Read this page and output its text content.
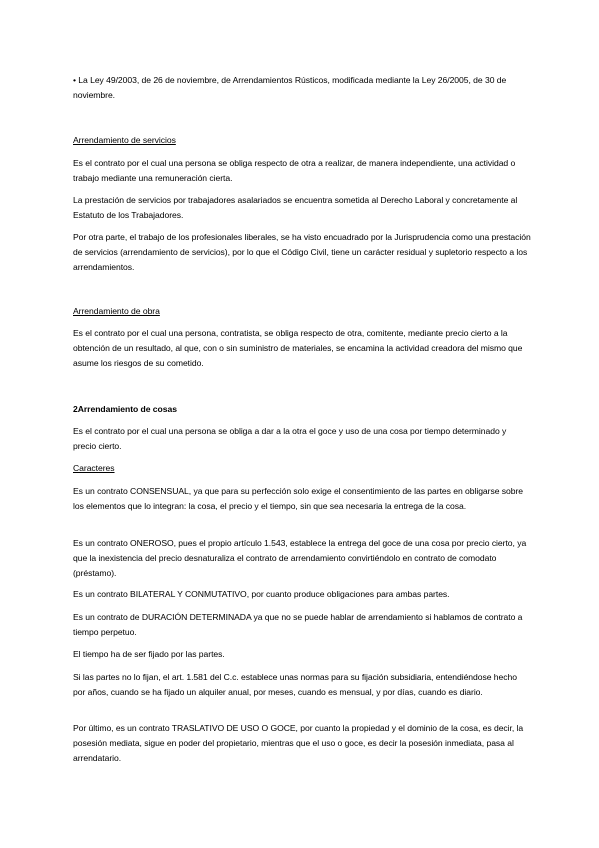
• La Ley 49/2003, de 26 de noviembre, de Arrendamientos Rústicos, modificada mediante la Ley 26/2005, de 30 de noviembre.
Arrendamiento de servicios
Es el contrato por el cual una persona se obliga respecto de otra a realizar, de manera independiente, una actividad o trabajo mediante una remuneración cierta.
La prestación de servicios por trabajadores asalariados se encuentra sometida al Derecho Laboral y concretamente al Estatuto de los Trabajadores.
Por otra parte, el trabajo de los profesionales liberales, se ha visto encuadrado por la Jurisprudencia como una prestación de servicios (arrendamiento de servicios), por lo que el Código Civil, tiene un carácter residual y supletorio respecto a los arrendamientos.
Arrendamiento de obra
Es el contrato por el cual una persona, contratista, se obliga respecto de otra, comitente, mediante precio cierto a la obtención de un resultado, al que, con o sin suministro de materiales, se encamina la actividad creadora del mismo que asume los riesgos de su cometido.
2Arrendamiento de cosas
Es el contrato por el cual una persona se obliga a dar a la otra el goce y uso de una cosa por tiempo determinado y precio cierto.
Caracteres
Es un contrato CONSENSUAL, ya que para su perfección solo exige el consentimiento de las partes en obligarse sobre los elementos que lo integran: la cosa, el precio y el tiempo, sin que sea necesaria la entrega de la cosa.
Es un contrato ONEROSO, pues el propio artículo 1.543, establece la entrega del goce de una cosa por precio cierto, ya que la inexistencia del precio desnaturaliza el contrato de arrendamiento convirtiéndolo en contrato de comodato (préstamo).
Es un contrato BILATERAL Y CONMUTATIVO, por cuanto produce obligaciones para ambas partes.
Es un contrato de DURACIÓN DETERMINADA ya que no se puede hablar de arrendamiento si hablamos de contrato a tiempo perpetuo.
El tiempo ha de ser fijado por las partes.
Si las partes no lo fijan, el art. 1.581 del C.c. establece unas normas para su fijación subsidiaria, entendiéndose hecho por años, cuando se ha fijado un alquiler anual, por meses, cuando es mensual, y por días, cuando es diario.
Por último, es un contrato TRASLATIVO DE USO O GOCE, por cuanto la propiedad y el dominio de la cosa, es decir, la posesión mediata, sigue en poder del propietario, mientras que el uso o goce, es decir la posesión inmediata, pasa al arrendatario.
